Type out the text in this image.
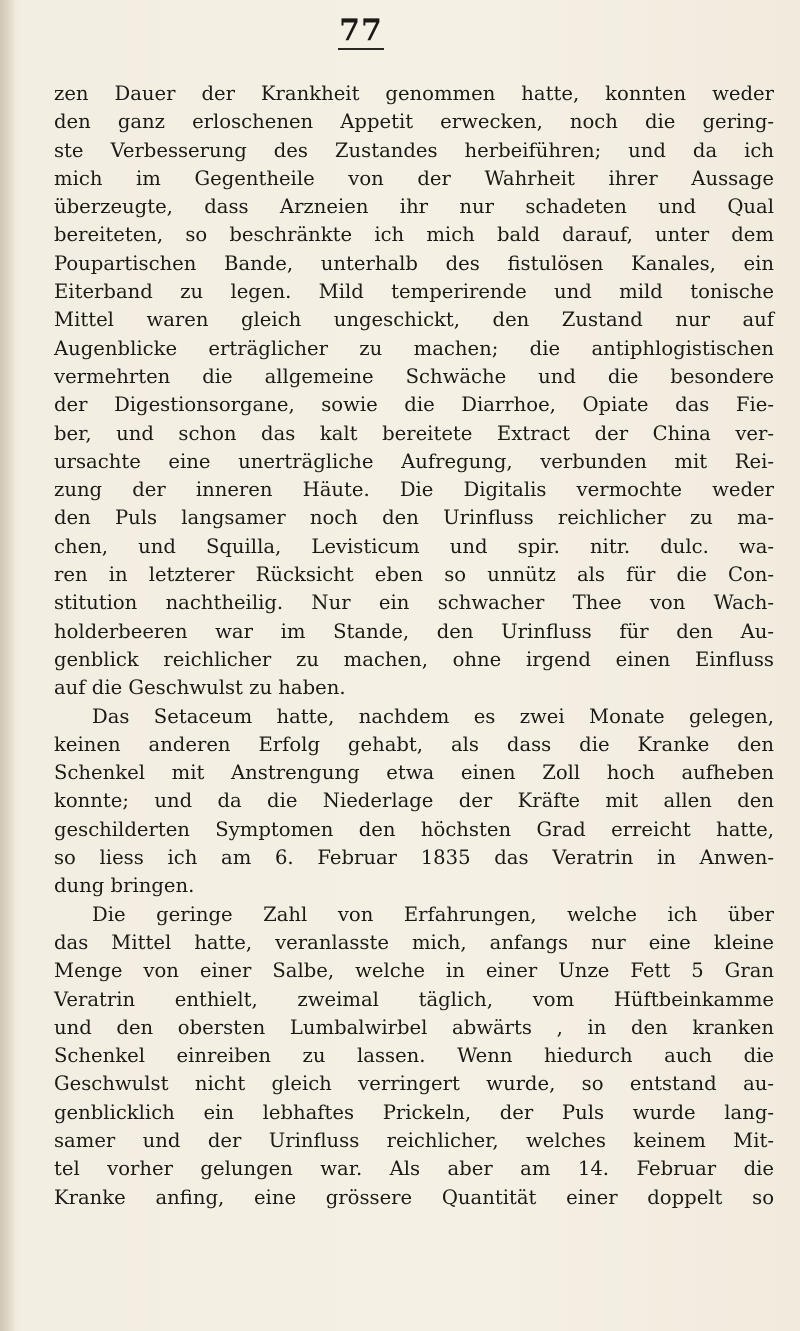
77
zen Dauer der Krankheit genommen hatte, konnten weder
den ganz erloschenen Appetit erwecken, noch die gering-
ste Verbesserung des Zustandes herbeiführen; und da ich
mich im Gegentheile von der Wahrheit ihrer Aussage
überzeugte, dass Arzneien ihr nur schadeten und Qual
bereiteten, so beschränkte ich mich bald darauf, unter dem
Poupartischen Bande, unterhalb des fistulösen Kanales, ein
Eiterband zu legen. Mild temperirende und mild tonische
Mittel waren gleich ungeschickt, den Zustand nur auf
Augenblicke erträglicher zu machen; die antiphlogistischen
vermehrten die allgemeine Schwäche und die besondere
der Digestionsorgane, sowie die Diarrhoe, Opiate das Fie-
ber, und schon das kalt bereitete Extract der China ver-
ursachte eine unerträgliche Aufregung, verbunden mit Rei-
zung der inneren Häute. Die Digitalis vermochte weder
den Puls langsamer noch den Urinfluss reichlicher zu ma-
chen, und Squilla, Levisticum und spir. nitr. dulc. wa-
ren in letzterer Rücksicht eben so unnütz als für die Con-
stitution nachtheilig. Nur ein schwacher Thee von Wach-
holderbeeren war im Stande, den Urinfluss für den Au-
genblick reichlicher zu machen, ohne irgend einen Einfluss
auf die Geschwulst zu haben.
Das Setaceum hatte, nachdem es zwei Monate gelegen,
keinen anderen Erfolg gehabt, als dass die Kranke den
Schenkel mit Anstrengung etwa einen Zoll hoch aufheben
konnte; und da die Niederlage der Kräfte mit allen den
geschilderten Symptomen den höchsten Grad erreicht hatte,
so liess ich am 6. Februar 1835 das Veratrin in Anwen-
dung bringen.
Die geringe Zahl von Erfahrungen, welche ich über
das Mittel hatte, veranlasste mich, anfangs nur eine kleine
Menge von einer Salbe, welche in einer Unze Fett 5 Gran
Veratrin enthielt, zweimal täglich, vom Hüftbeinkamme
und den obersten Lumbalwirbel abwärts , in den kranken
Schenkel einreiben zu lassen. Wenn hiedurch auch die
Geschwulst nicht gleich verringert wurde, so entstand au-
genblicklich ein lebhaftes Prickeln, der Puls wurde lang-
samer und der Urinfluss reichlicher, welches keinem Mit-
tel vorher gelungen war. Als aber am 14. Februar die
Kranke anfing, eine grössere Quantität einer doppelt so
